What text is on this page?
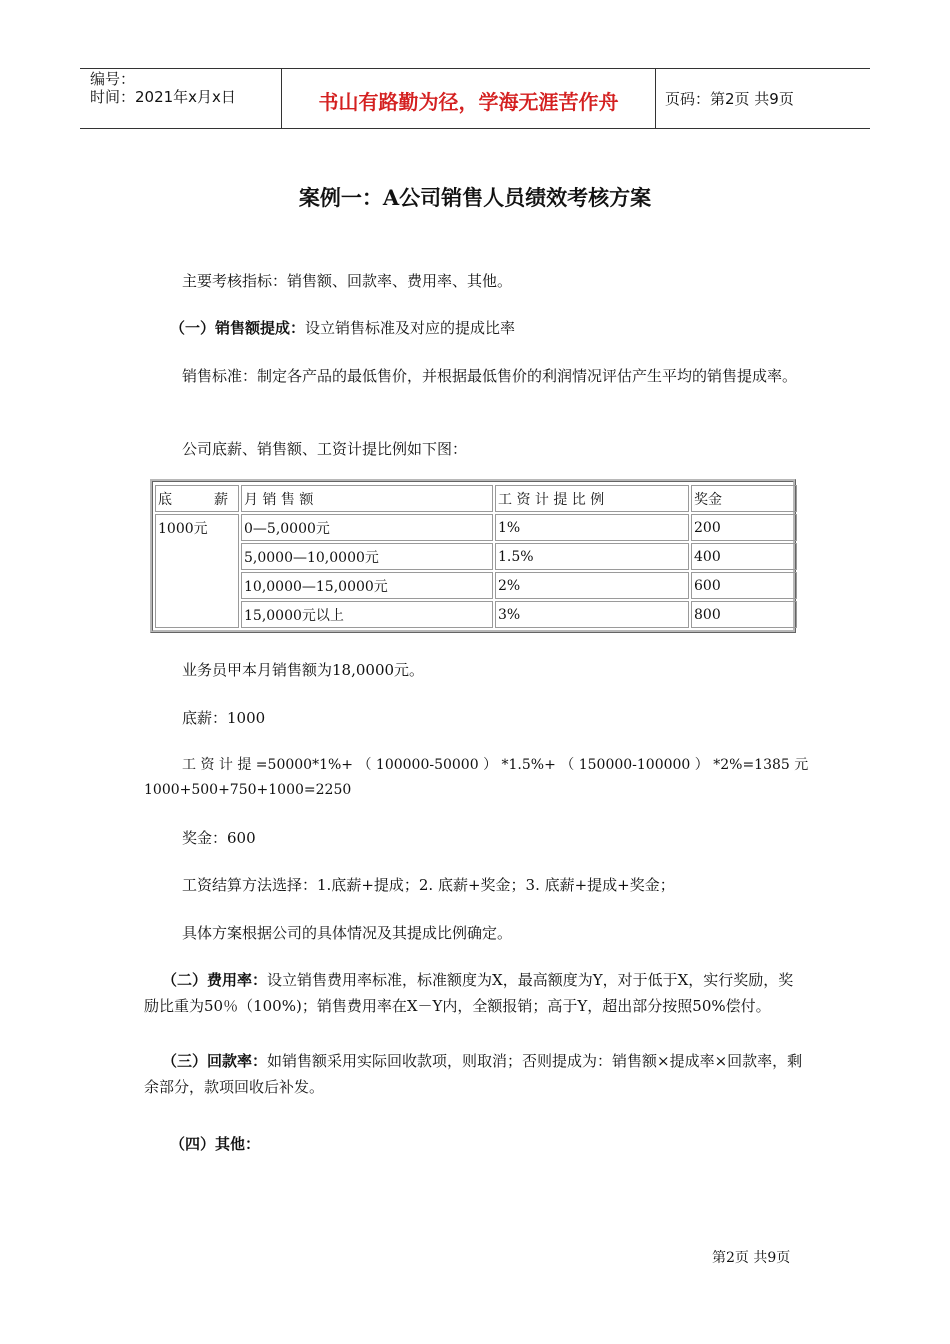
编号：
时间：2021年x月x日	书山有路勤为径，学海无涯苦作舟	页码：第2页 共9页
案例一：A公司销售人员绩效考核方案
主要考核指标：销售额、回款率、费用率、其他。
（一）销售额提成：设立销售标准及对应的提成比率
销售标准：制定各产品的最低售价，并根据最低售价的利润情况评估产生平均的销售提成率。
公司底薪、销售额、工资计提比例如下图：
底　　　薪	月 销 售 额	工 资 计 提 比 例	奖金
1000元	0—5,0000元	1%	200
	5,0000—10,0000元	1.5%	400
	10,0000—15,0000元	2%	600
	15,0000元以上	3%	800
业务员甲本月销售额为18,0000元。
底薪：1000
工 资 计 提 =50000*1%+ （ 100000-50000 ） *1.5%+ （ 150000-100000 ） *2%=1385 元
1000+500+750+1000=2250
奖金：600
工资结算方法选择：1.底薪+提成；2. 底薪+奖金；3. 底薪+提成+奖金；
具体方案根据公司的具体情况及其提成比例确定。
（二）费用率：设立销售费用率标准，标准额度为X，最高额度为Y，对于低于X，实行奖励，奖励比重为50％（100%)；销售费用率在X－Y内，全额报销；高于Y，超出部分按照50%偿付。
（三）回款率：如销售额采用实际回收款项，则取消；否则提成为：销售额×提成率×回款率，剩余部分，款项回收后补发。
（四）其他：
第2页 共9页
